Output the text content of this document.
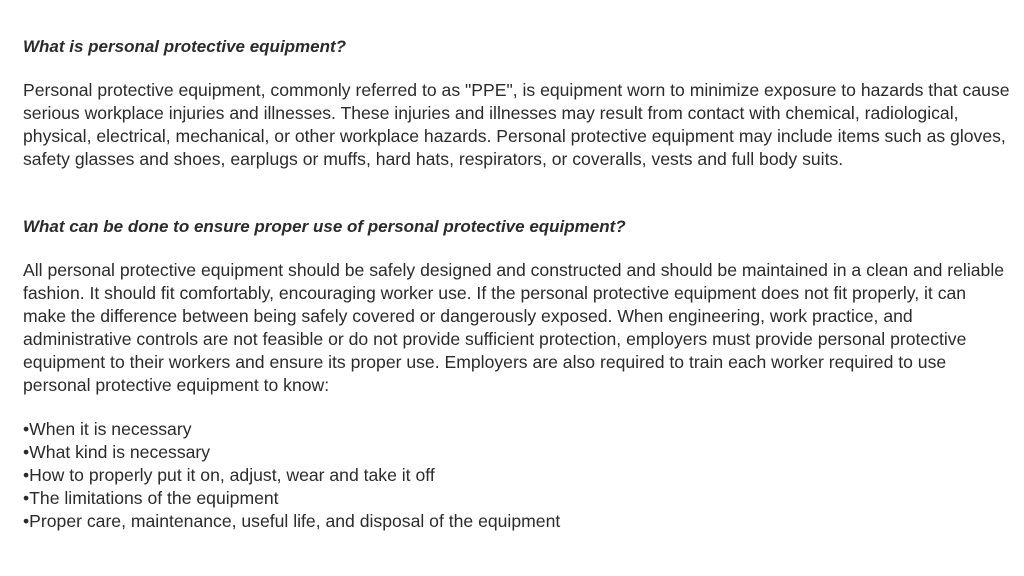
What is personal protective equipment?

Personal protective equipment, commonly referred to as "PPE", is equipment worn to minimize exposure to hazards that cause serious workplace injuries and illnesses. These injuries and illnesses may result from contact with chemical, radiological, physical, electrical, mechanical, or other workplace hazards. Personal protective equipment may include items such as gloves, safety glasses and shoes, earplugs or muffs, hard hats, respirators, or coveralls, vests and full body suits.

What can be done to ensure proper use of personal protective equipment?

All personal protective equipment should be safely designed and constructed and should be maintained in a clean and reliable fashion. It should fit comfortably, encouraging worker use. If the personal protective equipment does not fit properly, it can make the difference between being safely covered or dangerously exposed. When engineering, work practice, and administrative controls are not feasible or do not provide sufficient protection, employers must provide personal protective equipment to their workers and ensure its proper use. Employers are also required to train each worker required to use personal protective equipment to know:

• When it is necessary
• What kind is necessary
• How to properly put it on, adjust, wear and take it off
• The limitations of the equipment
• Proper care, maintenance, useful life, and disposal of the equipment
